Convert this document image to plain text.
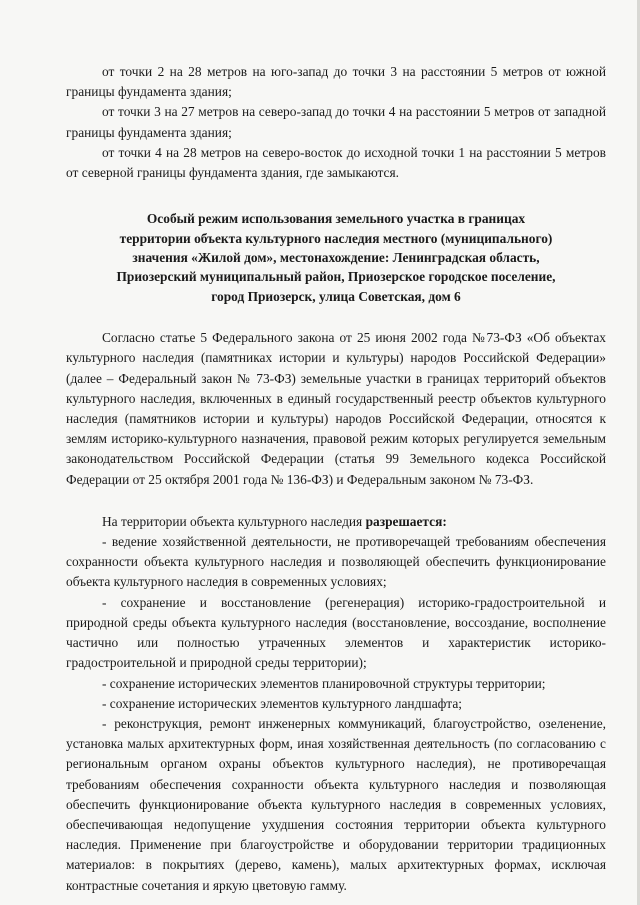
от точки 2 на 28 метров на юго-запад до точки 3 на расстоянии 5 метров от южной границы фундамента здания;

от точки 3 на 27 метров на северо-запад до точки 4 на расстоянии 5 метров от западной границы фундамента здания;

от точки 4 на 28 метров на северо-восток до исходной точки 1 на расстоянии 5 метров от северной границы фундамента здания, где замыкаются.

Особый режим использования земельного участка в границах
территории объекта культурного наследия местного (муниципального)
значения «Жилой дом», местонахождение: Ленинградская область,
Приозерский муниципальный район, Приозерское городское поселение,
город Приозерск, улица Советская, дом 6

Согласно статье 5 Федерального закона от 25 июня 2002 года №73-ФЗ «Об объектах культурного наследия (памятниках истории и культуры) народов Российской Федерации» (далее – Федеральный закон № 73-ФЗ) земельные участки в границах территорий объектов культурного наследия, включенных в единый государственный реестр объектов культурного наследия (памятников истории и культуры) народов Российской Федерации, относятся к землям историко-культурного назначения, правовой режим которых регулируется земельным законодательством Российской Федерации (статья 99 Земельного кодекса Российской Федерации от 25 октября 2001 года № 136-ФЗ) и Федеральным законом № 73-ФЗ.

На территории объекта культурного наследия разрешается:

- ведение хозяйственной деятельности, не противоречащей требованиям обеспечения сохранности объекта культурного наследия и позволяющей обеспечить функционирование объекта культурного наследия в современных условиях;

- сохранение и восстановление (регенерация) историко-градостроительной и природной среды объекта культурного наследия (восстановление, воссоздание, восполнение частично или полностью утраченных элементов и характеристик историко-градостроительной и природной среды территории);

- сохранение исторических элементов планировочной структуры территории;

- сохранение исторических элементов культурного ландшафта;

- реконструкция, ремонт инженерных коммуникаций, благоустройство, озеленение, установка малых архитектурных форм, иная хозяйственная деятельность (по согласованию с региональным органом охраны объектов культурного наследия), не противоречащая требованиям обеспечения сохранности объекта культурного наследия и позволяющая обеспечить функционирование объекта культурного наследия в современных условиях, обеспечивающая недопущение ухудшения состояния территории объекта культурного наследия. Применение при благоустройстве и оборудовании территории традиционных материалов: в покрытиях (дерево, камень), малых архитектурных формах, исключая контрастные сочетания и яркую цветовую гамму.
